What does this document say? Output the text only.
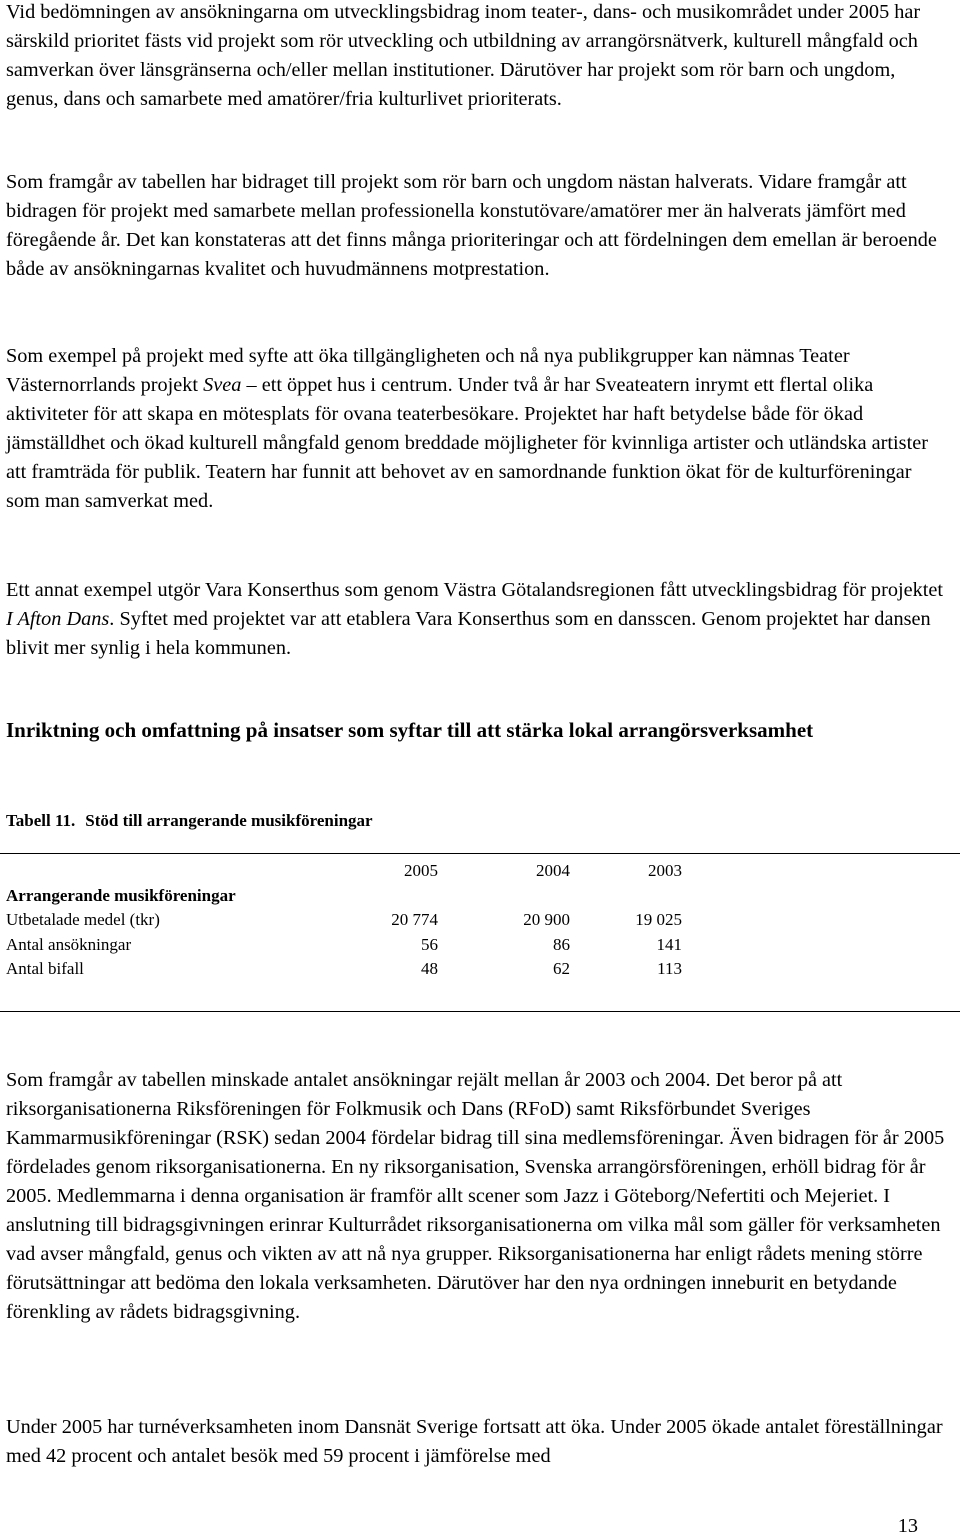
Vid bedömningen av ansökningarna om utvecklingsbidrag inom teater-, dans- och musikområdet under 2005 har särskild prioritet fästs vid projekt som rör utveckling och utbildning av arrangörsnätverk, kulturell mångfald och samverkan över länsgränserna och/eller mellan institutioner. Därutöver har projekt som rör barn och ungdom, genus, dans och samarbete med amatörer/fria kulturlivet prioriterats.

Som framgår av tabellen har bidraget till projekt som rör barn och ungdom nästan halverats. Vidare framgår att bidragen för projekt med samarbete mellan professionella konstutövare/amatörer mer än halverats jämfört med föregående år. Det kan konstateras att det finns många prioriteringar och att fördelningen dem emellan är beroende både av ansökningarnas kvalitet och huvudmännens motprestation.

Som exempel på projekt med syfte att öka tillgängligheten och nå nya publikgrupper kan nämnas Teater Västernorrlands projekt Svea – ett öppet hus i centrum. Under två år har Sveateatern inrymt ett flertal olika aktiviteter för att skapa en mötesplats för ovana teaterbesökare. Projektet har haft betydelse både för ökad jämställdhet och ökad kulturell mångfald genom breddade möjligheter för kvinnliga artister och utländska artister att framträda för publik. Teatern har funnit att behovet av en samordnande funktion ökat för de kulturföreningar som man samverkat med.

Ett annat exempel utgör Vara Konserthus som genom Västra Götalandsregionen fått utvecklingsbidrag för projektet I Afton Dans. Syftet med projektet var att etablera Vara Konserthus som en dansscen. Genom projektet har dansen blivit mer synlig i hela kommunen.

Inriktning och omfattning på insatser som syftar till att stärka lokal arrangörsverksamhet
Tabell 11. Stöd till arrangerande musikföreningar
	2005	2004	2003
Arrangerande musikföreningar			
Utbetalade medel (tkr)	20 774	20 900	19 025
Antal ansökningar	56	86	141
Antal bifall	48	62	113

Som framgår av tabellen minskade antalet ansökningar rejält mellan år 2003 och 2004. Det beror på att riksorganisationerna Riksföreningen för Folkmusik och Dans (RFoD) samt Riksförbundet Sveriges Kammarmusikföreningar (RSK) sedan 2004 fördelar bidrag till sina medlemsföreningar. Även bidragen för år 2005 fördelades genom riksorganisationerna. En ny riksorganisation, Svenska arrangörsföreningen, erhöll bidrag för år 2005. Medlemmarna i denna organisation är framför allt scener som Jazz i Göteborg/Nefertiti och Mejeriet. I anslutning till bidragsgivningen erinrar Kulturrådet riksorganisationerna om vilka mål som gäller för verksamheten vad avser mångfald, genus och vikten av att nå nya grupper. Riksorganisationerna har enligt rådets mening större förutsättningar att bedöma den lokala verksamheten. Därutöver har den nya ordningen inneburit en betydande förenkling av rådets bidragsgivning.

Under 2005 har turnéverksamheten inom Dansnät Sverige fortsatt att öka. Under 2005 ökade antalet föreställningar med 42 procent och antalet besök med 59 procent i jämförelse med

13
